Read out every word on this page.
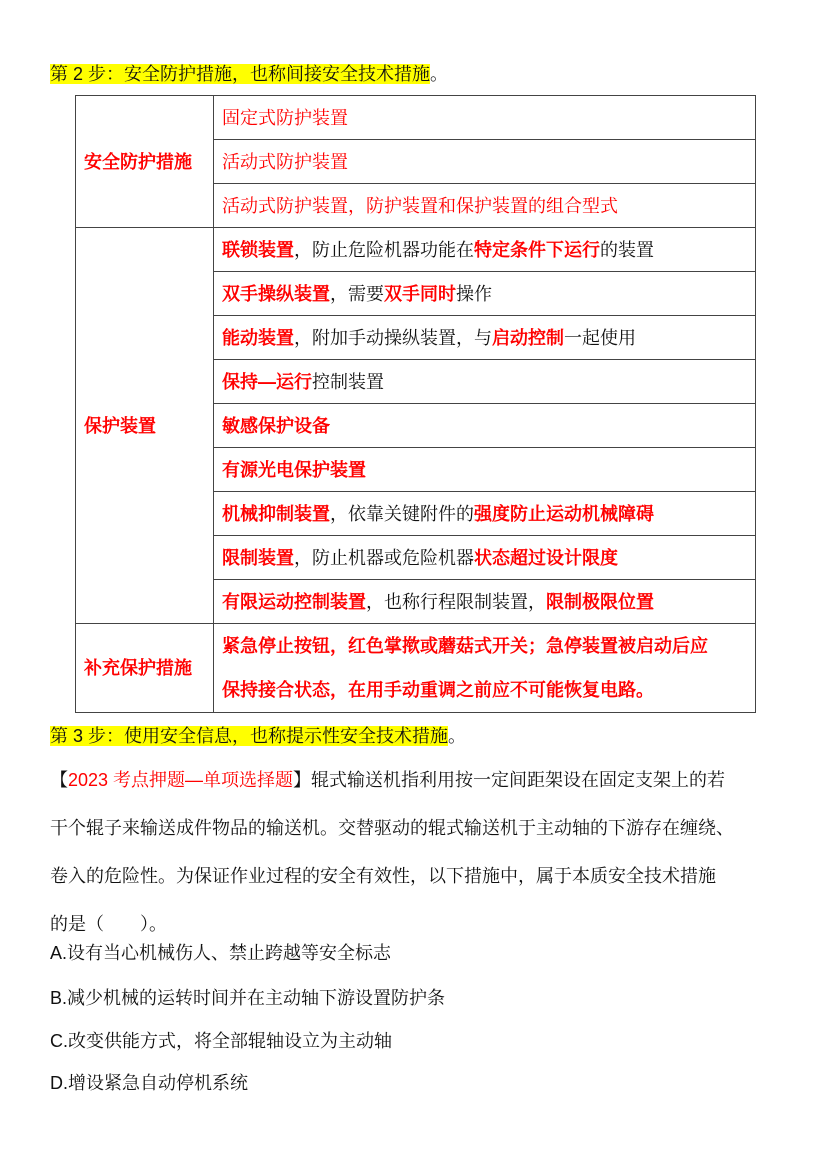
第 2 步：安全防护措施，也称间接安全技术措施。
安全防护措施	固定式防护装置
	活动式防护装置
	活动式防护装置，防护装置和保护装置的组合型式
保护装置	联锁装置，防止危险机器功能在特定条件下运行的装置
	双手操纵装置，需要双手同时操作
	能动装置，附加手动操纵装置，与启动控制一起使用
	保持—运行控制装置
	敏感保护设备
	有源光电保护装置
	机械抑制装置，依靠关键附件的强度防止运动机械障碍
	限制装置，防止机器或危险机器状态超过设计限度
	有限运动控制装置，也称行程限制装置，限制极限位置
补充保护措施	紧急停止按钮，红色掌揿或蘑菇式开关；急停装置被启动后应
保持接合状态，在用手动重调之前应不可能恢复电路。
第 3 步：使用安全信息，也称提示性安全技术措施。
【2023 考点押题—单项选择题】辊式输送机指利用按一定间距架设在固定支架上的若
干个辊子来输送成件物品的输送机。交替驱动的辊式输送机于主动轴的下游存在缠绕、
卷入的危险性。为保证作业过程的安全有效性，以下措施中，属于本质安全技术措施
的是（　　）。
A.设有当心机械伤人、禁止跨越等安全标志
B.减少机械的运转时间并在主动轴下游设置防护条
C.改变供能方式，将全部辊轴设立为主动轴
D.增设紧急自动停机系统
